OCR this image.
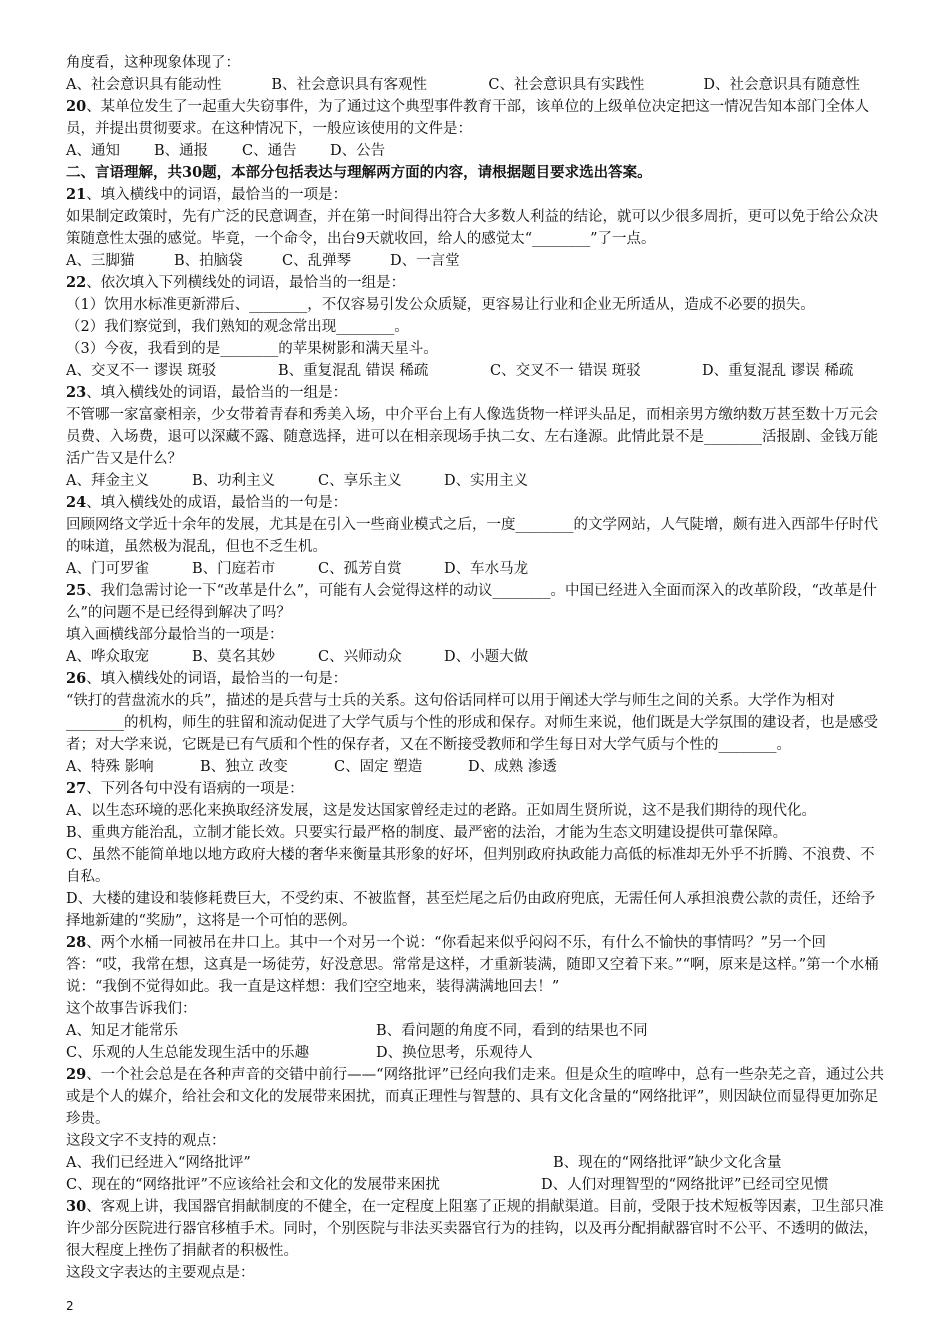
角度看，这种现象体现了：
A、社会意识具有能动性	B、社会意识具有客观性	C、社会意识具有实践性	D、社会意识具有随意性
20、某单位发生了一起重大失窃事件，为了通过这个典型事件教育干部，该单位的上级单位决定把这一情况告知本部门全体人员，并提出贯彻要求。在这种情况下，一般应该使用的文件是：
A、通知	B、通报	C、通告	D、公告
二、言语理解，共30题，本部分包括表达与理解两方面的内容，请根据题目要求选出答案。
21、填入横线中的词语，最恰当的一项是：
如果制定政策时，先有广泛的民意调查，并在第一时间得出符合大多数人利益的结论，就可以少很多周折，更可以免于给公众决策随意性太强的感觉。毕竟，一个命令，出台9天就收回，给人的感觉太“________”了一点。
A、三脚猫	B、拍脑袋	C、乱弹琴	D、一言堂
22、依次填入下列横线处的词语，最恰当的一组是：
（1）饮用水标准更新滞后、________，不仅容易引发公众质疑，更容易让行业和企业无所适从，造成不必要的损失。
（2）我们察觉到，我们熟知的观念常出现________。
（3）今夜，我看到的是________的苹果树影和满天星斗。
A、交叉不一 谬误 斑驳	B、重复混乱 错误 稀疏	C、交叉不一 错误 斑驳	D、重复混乱 谬误 稀疏
23、填入横线处的词语，最恰当的一组是：
不管哪一家富豪相亲，少女带着青春和秀美入场，中介平台上有人像选货物一样评头品足，而相亲男方缴纳数万甚至数十万元会员费、入场费，退可以深藏不露、随意选择，进可以在相亲现场手执二女、左右逢源。此情此景不是________活报剧、金钱万能活广告又是什么？
A、拜金主义	B、功利主义	C、享乐主义	D、实用主义
24、填入横线处的成语，最恰当的一句是：
回顾网络文学近十余年的发展，尤其是在引入一些商业模式之后，一度________的文学网站，人气陡增，颇有进入西部牛仔时代的味道，虽然极为混乱，但也不乏生机。
A、门可罗雀	B、门庭若市	C、孤芳自赏	D、车水马龙
25、我们急需讨论一下“改革是什么”，可能有人会觉得这样的动议________。中国已经进入全面而深入的改革阶段，“改革是什么”的问题不是已经得到解决了吗？
填入画横线部分最恰当的一项是：
A、哗众取宠	B、莫名其妙	C、兴师动众	D、小题大做
26、填入横线处的词语，最恰当的一句是：
“铁打的营盘流水的兵”，描述的是兵营与士兵的关系。这句俗话同样可以用于阐述大学与师生之间的关系。大学作为相对________的机构，师生的驻留和流动促进了大学气质与个性的形成和保存。对师生来说，他们既是大学氛围的建设者，也是感受者；对大学来说，它既是已有气质和个性的保存者，又在不断接受教师和学生每日对大学气质与个性的________。
A、特殊 影响	B、独立 改变	C、固定 塑造	D、成熟 渗透
27、下列各句中没有语病的一项是：
A、以生态环境的恶化来换取经济发展，这是发达国家曾经走过的老路。正如周生贤所说，这不是我们期待的现代化。
B、重典方能治乱，立制才能长效。只要实行最严格的制度、最严密的法治，才能为生态文明建设提供可靠保障。
C、虽然不能简单地以地方政府大楼的奢华来衡量其形象的好坏，但判别政府执政能力高低的标准却无外乎不折腾、不浪费、不自私。
D、大楼的建设和装修耗费巨大，不受约束、不被监督，甚至烂尾之后仍由政府兜底，无需任何人承担浪费公款的责任，还给予择地新建的“奖励”，这将是一个可怕的恶例。
28、两个水桶一同被吊在井口上。其中一个对另一个说：“你看起来似乎闷闷不乐，有什么不愉快的事情吗？”另一个回答：“哎，我常在想，这真是一场徒劳，好没意思。常常是这样，才重新装满，随即又空着下来。”“啊，原来是这样。”第一个水桶说：“我倒不觉得如此。我一直是这样想：我们空空地来，装得满满地回去！”
这个故事告诉我们：
A、知足才能常乐	B、看问题的角度不同，看到的结果也不同
C、乐观的人生总能发现生活中的乐趣	D、换位思考，乐观待人
29、一个社会总是在各种声音的交错中前行——“网络批评”已经向我们走来。但是众生的喧哗中，总有一些杂芜之音，通过公共或是个人的媒介，给社会和文化的发展带来困扰，而真正理性与智慧的、具有文化含量的“网络批评”，则因缺位而显得更加弥足珍贵。
这段文字不支持的观点：
A、我们已经进入“网络批评”	B、现在的“网络批评”缺少文化含量
C、现在的“网络批评”不应该给社会和文化的发展带来困扰	D、人们对理智型的“网络批评”已经司空见惯
30、客观上讲，我国器官捐献制度的不健全，在一定程度上阻塞了正规的捐献渠道。目前，受限于技术短板等因素，卫生部只准许少部分医院进行器官移植手术。同时，个别医院与非法买卖器官行为的挂钩，以及再分配捐献器官时不公平、不透明的做法，很大程度上挫伤了捐献者的积极性。
这段文字表达的主要观点是：
2
